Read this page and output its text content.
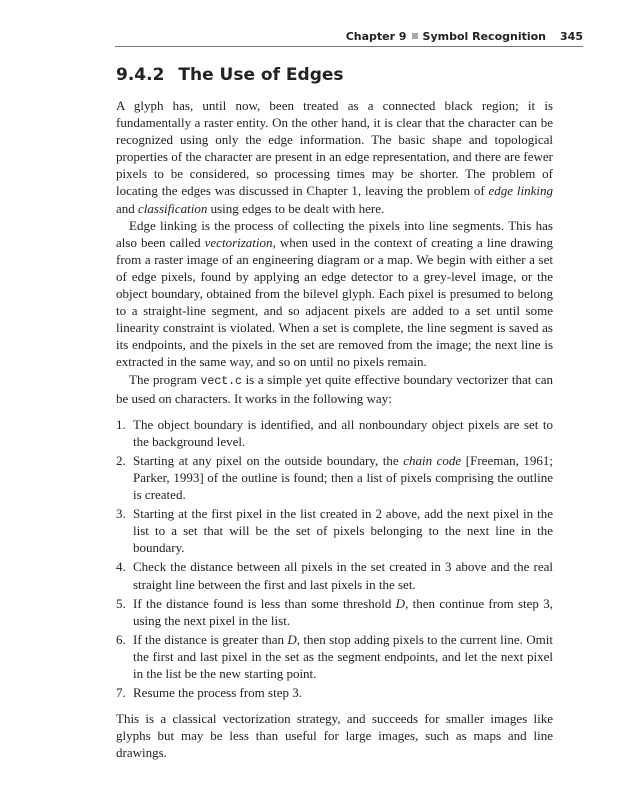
Chapter 9 Symbol Recognition 345
9.4.2 The Use of Edges

A glyph has, until now, been treated as a connected black region; it is fundamentally a raster entity. On the other hand, it is clear that the character can be recognized using only the edge information. The basic shape and topological properties of the character are present in an edge representation, and there are fewer pixels to be considered, so processing times may be shorter. The problem of locating the edges was discussed in Chapter 1, leaving the problem of edge linking and classification using edges to be dealt with here.

Edge linking is the process of collecting the pixels into line segments. This has also been called vectorization, when used in the context of creating a line drawing from a raster image of an engineering diagram or a map. We begin with either a set of edge pixels, found by applying an edge detector to a grey-level image, or the object boundary, obtained from the bilevel glyph. Each pixel is presumed to belong to a straight-line segment, and so adjacent pixels are added to a set until some linearity constraint is violated. When a set is complete, the line segment is saved as its endpoints, and the pixels in the set are removed from the image; the next line is extracted in the same way, and so on until no pixels remain.

The program vect.c is a simple yet quite effective boundary vectorizer that can be used on characters. It works in the following way:

1. The object boundary is identified, and all nonboundary object pixels are set to the background level.
2. Starting at any pixel on the outside boundary, the chain code [Freeman, 1961; Parker, 1993] of the outline is found; then a list of pixels comprising the outline is created.
3. Starting at the first pixel in the list created in 2 above, add the next pixel in the list to a set that will be the set of pixels belonging to the next line in the boundary.
4. Check the distance between all pixels in the set created in 3 above and the real straight line between the first and last pixels in the set.
5. If the distance found is less than some threshold D, then continue from step 3, using the next pixel in the list.
6. If the distance is greater than D, then stop adding pixels to the current line. Omit the first and last pixel in the set as the segment endpoints, and let the next pixel in the list be the new starting point.
7. Resume the process from step 3.

This is a classical vectorization strategy, and succeeds for smaller images like glyphs but may be less than useful for large images, such as maps and line drawings.
